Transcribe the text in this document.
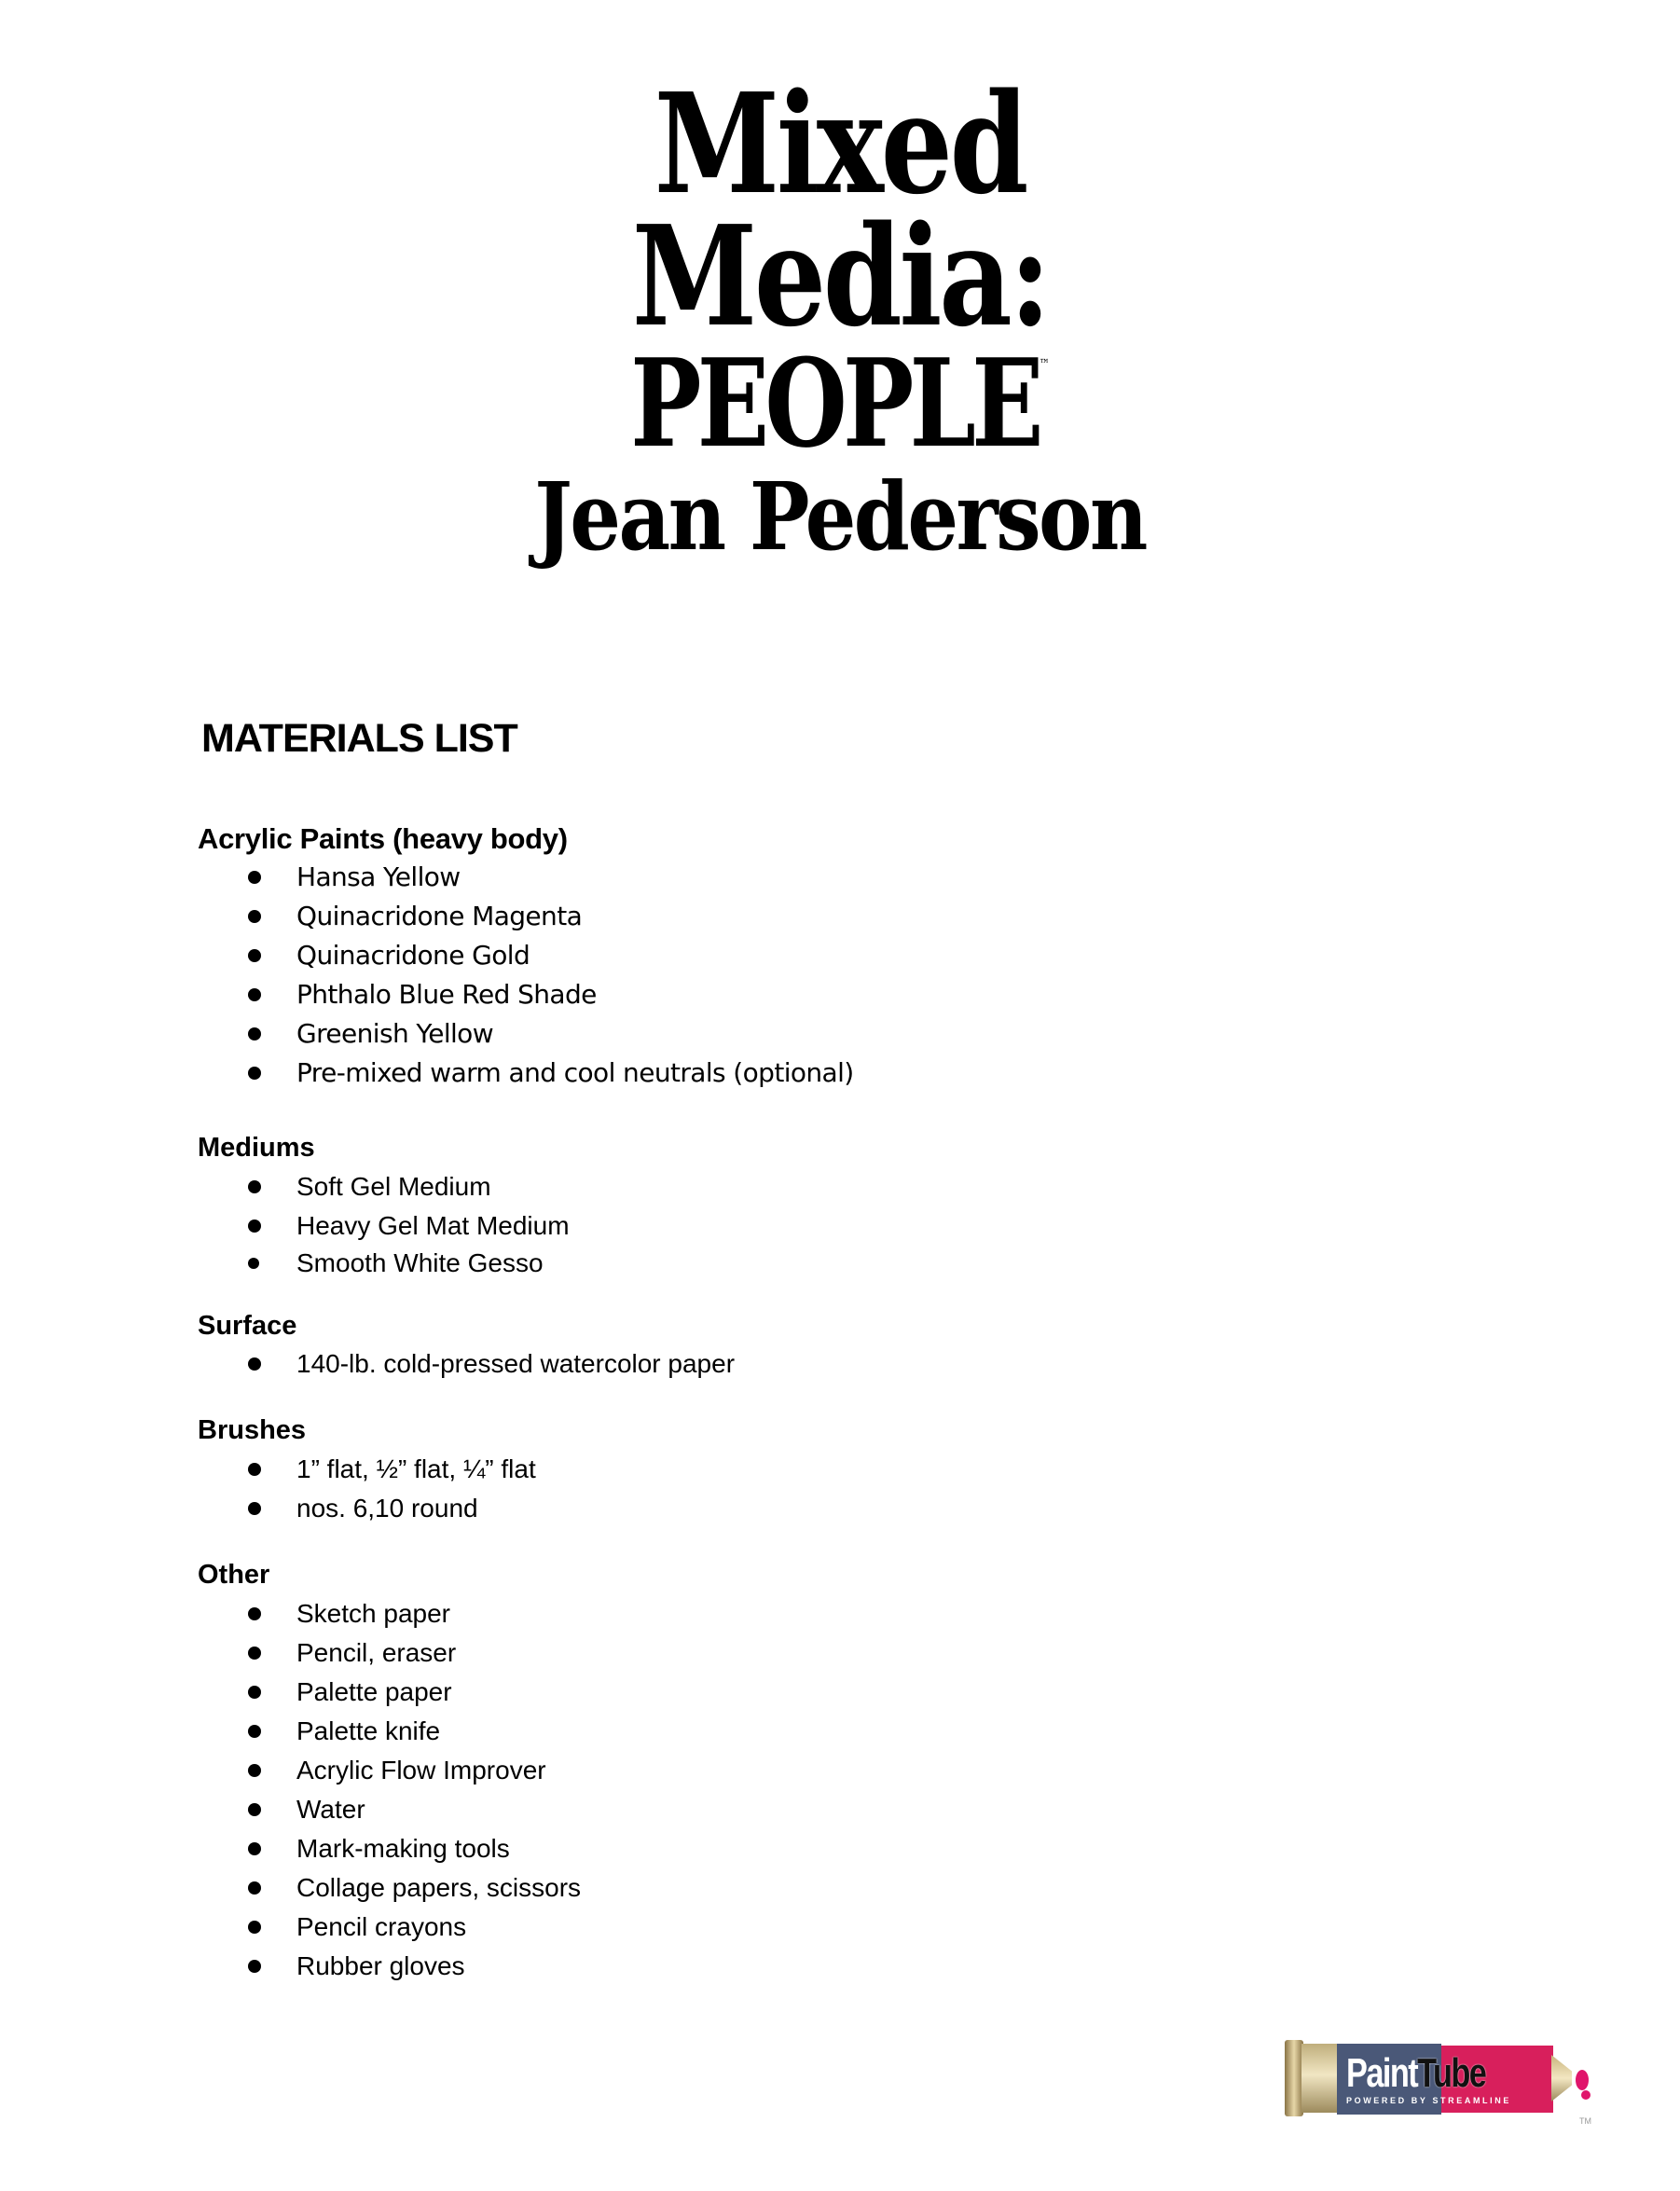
Mixed
Media:
PEOPLE™
Jean Pederson
MATERIALS LIST
Acrylic Paints (heavy body)
Hansa Yellow
Quinacridone Magenta
Quinacridone Gold
Phthalo Blue Red Shade
Greenish Yellow
Pre-mixed warm and cool neutrals (optional)
Mediums
Soft Gel Medium
Heavy Gel Mat Medium
Smooth White Gesso
Surface
140-lb. cold-pressed watercolor paper
Brushes
1” flat, ½” flat, ¼” flat
nos. 6,10 round
Other
Sketch paper
Pencil, eraser
Palette paper
Palette knife
Acrylic Flow Improver
Water
Mark-making tools
Collage papers, scissors
Pencil crayons
Rubber gloves
PaintTube
POWERED BY STREAMLINE
TM
